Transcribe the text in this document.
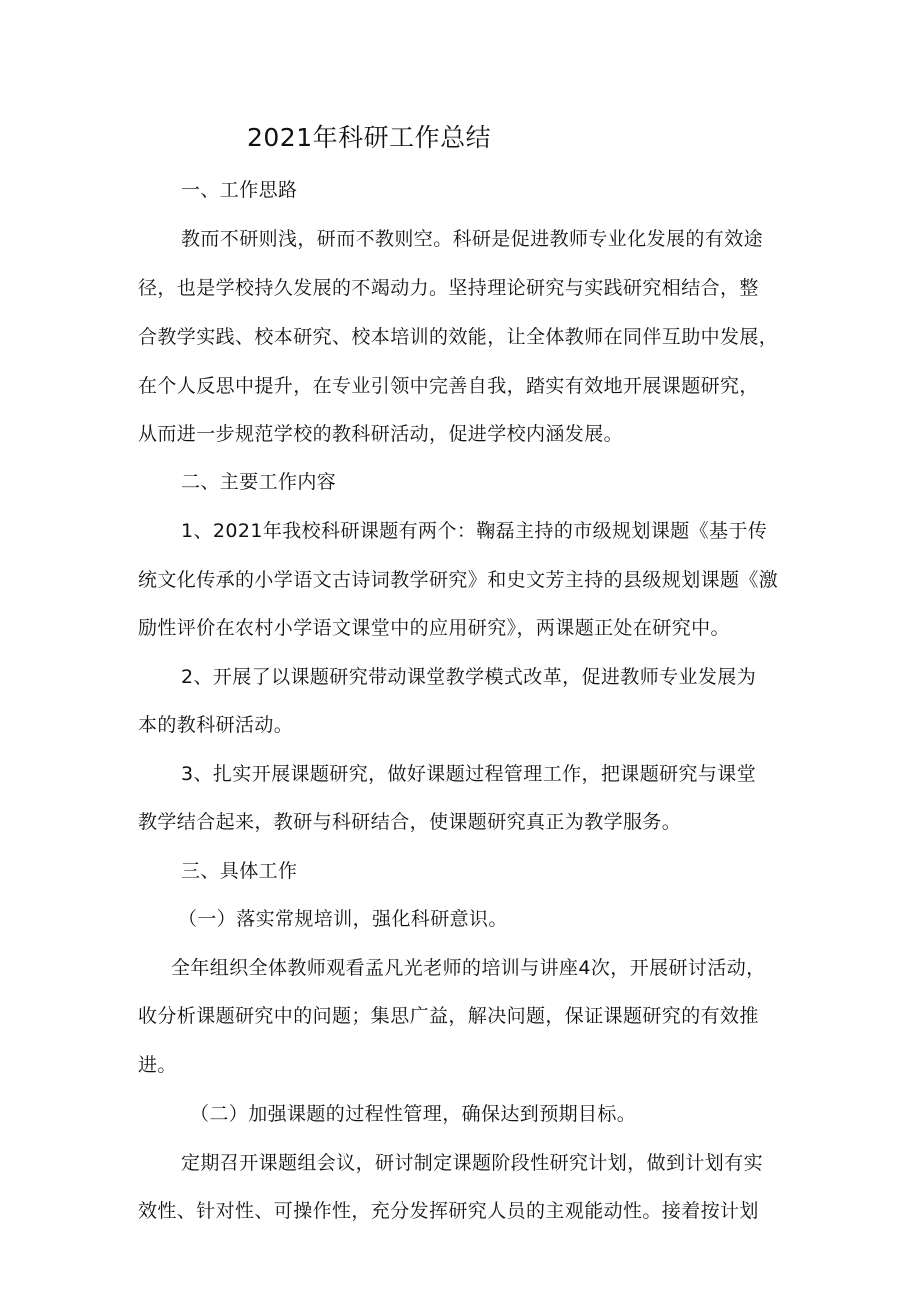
2021年科研工作总结
一、工作思路
教而不研则浅，研而不教则空。科研是促进教师专业化发展的有效途
径，也是学校持久发展的不竭动力。坚持理论研究与实践研究相结合，整
合教学实践、校本研究、校本培训的效能，让全体教师在同伴互助中发展，
在个人反思中提升，在专业引领中完善自我，踏实有效地开展课题研究，
从而进一步规范学校的教科研活动，促进学校内涵发展。
二、主要工作内容
1、2021年我校科研课题有两个：鞠磊主持的市级规划课题《基于传
统文化传承的小学语文古诗词教学研究》和史文芳主持的县级规划课题《激
励性评价在农村小学语文课堂中的应用研究》，两课题正处在研究中。
2、开展了以课题研究带动课堂教学模式改革，促进教师专业发展为
本的教科研活动。
3、扎实开展课题研究，做好课题过程管理工作，把课题研究与课堂
教学结合起来，教研与科研结合，使课题研究真正为教学服务。
三、具体工作
（一）落实常规培训，强化科研意识。
全年组织全体教师观看孟凡光老师的培训与讲座4次，开展研讨活动，
收分析课题研究中的问题；集思广益，解决问题，保证课题研究的有效推
进。
（二）加强课题的过程性管理，确保达到预期目标。
定期召开课题组会议，研讨制定课题阶段性研究计划，做到计划有实
效性、针对性、可操作性，充分发挥研究人员的主观能动性。接着按计划
